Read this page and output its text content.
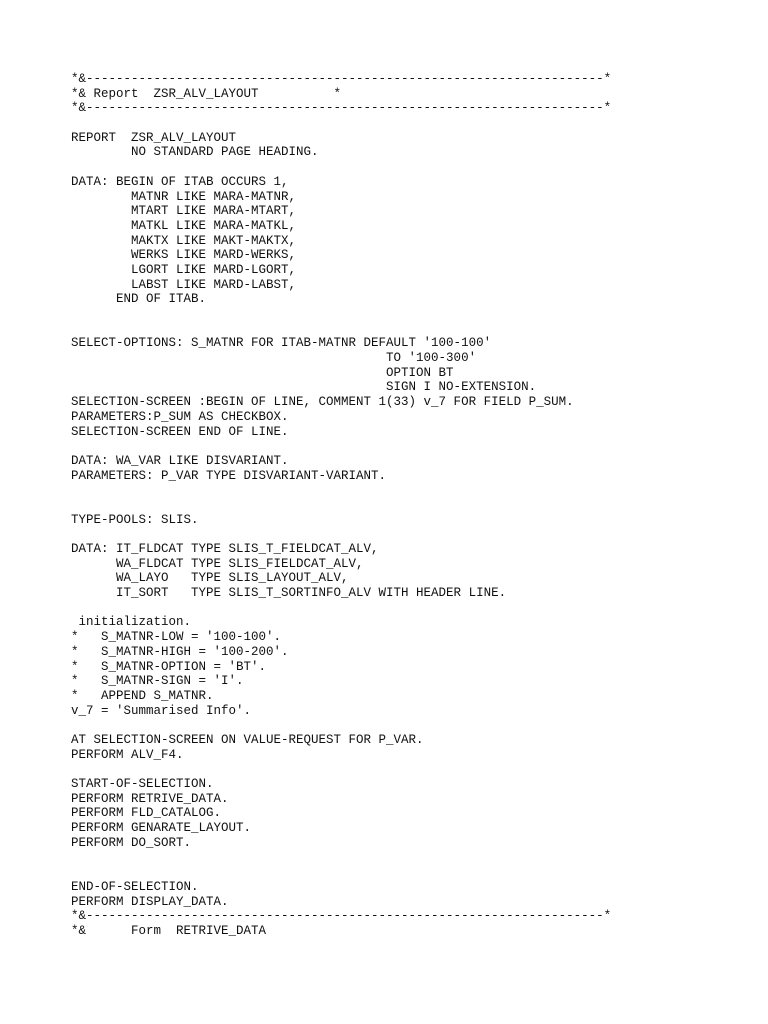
*&---------------------------------------------------------------------*
*& Report  ZSR_ALV_LAYOUT          *
*&---------------------------------------------------------------------*
REPORT  ZSR_ALV_LAYOUT
NO STANDARD PAGE HEADING.
DATA: BEGIN OF ITAB OCCURS 1,
MATNR LIKE MARA-MATNR,
MTART LIKE MARA-MTART,
MATKL LIKE MARA-MATKL,
MAKTX LIKE MAKT-MAKTX,
WERKS LIKE MARD-WERKS,
LGORT LIKE MARD-LGORT,
LABST LIKE MARD-LABST,
END OF ITAB.
SELECT-OPTIONS: S_MATNR FOR ITAB-MATNR DEFAULT '100-100'
TO '100-300'
OPTION BT
SIGN I NO-EXTENSION.
SELECTION-SCREEN :BEGIN OF LINE, COMMENT 1(33) v_7 FOR FIELD P_SUM.
PARAMETERS:P_SUM AS CHECKBOX.
SELECTION-SCREEN END OF LINE.
DATA: WA_VAR LIKE DISVARIANT.
PARAMETERS: P_VAR TYPE DISVARIANT-VARIANT.
TYPE-POOLS: SLIS.
DATA: IT_FLDCAT TYPE SLIS_T_FIELDCAT_ALV,
WA_FLDCAT TYPE SLIS_FIELDCAT_ALV,
WA_LAYO   TYPE SLIS_LAYOUT_ALV,
IT_SORT   TYPE SLIS_T_SORTINFO_ALV WITH HEADER LINE.
initialization.
*   S_MATNR-LOW = '100-100'.
*   S_MATNR-HIGH = '100-200'.
*   S_MATNR-OPTION = 'BT'.
*   S_MATNR-SIGN = 'I'.
*   APPEND S_MATNR.
v_7 = 'Summarised Info'.
AT SELECTION-SCREEN ON VALUE-REQUEST FOR P_VAR.
PERFORM ALV_F4.
START-OF-SELECTION.
PERFORM RETRIVE_DATA.
PERFORM FLD_CATALOG.
PERFORM GENARATE_LAYOUT.
PERFORM DO_SORT.
END-OF-SELECTION.
PERFORM DISPLAY_DATA.
*&---------------------------------------------------------------------*
*&      Form  RETRIVE_DATA
